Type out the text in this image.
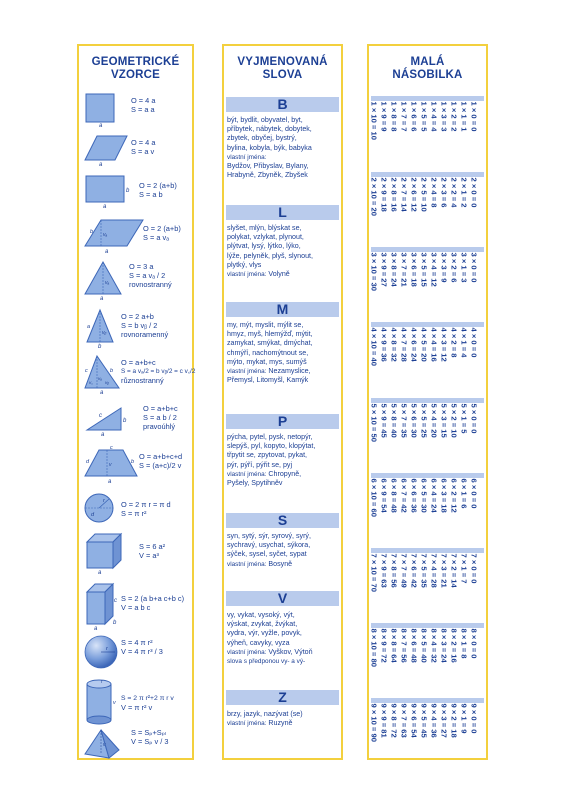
GEOMETRICKÉ
VZORCE
a
O = 4 a
S = a a
a
O = 4 a
S = a v
a
b
O = 2 (a+b)
S = a b
a
b vₐ
O = 2 (a+b)
S = a vₐ
a
vₐ
O = 3 a
S = a vₐ / 2
rovnostranný
a
b
vᵦ
O = 2 a+b
S = b vᵦ / 2
rovnoramenný
a
b
c
vₐ
vᵦ
v꜀
O = a+b+c
S = a vₐ/2 = b vᵦ/2 = c v꜀/2
různostranný
a
b
c
O = a+b+c
S = a b / 2
pravoúhlý
a
b
c
d	v
O = a+b+c+d
S = (a+c)/2 v
r
d
O = 2 π r = π d
S = π r²
a
S = 6 a²
V = a³
a
b
c S = 2 (a b+a c+b c)
V = a b c
r
S = 4 π r²
V = 4 π r³ / 3
r
v
S = 2 π r²+2 π r v
V = π r² v
v
S = Sₚ+Sₚₗ
V = Sₚ v / 3
VYJMENOVANÁ
SLOVA
B
být, bydlit, obyvatel, byt,
příbytek, nábytek, dobytek,
zbytek, obyčej, bystrý,
bylina, kobyla, býk, babyka
vlastní jména:
Bydžov, Přibyslav, Bylany,
Hrabyně, Zbyněk, Zbyšek
L
slyšet, mlýn, blýskat se,
polykat, vzlykat, plynout,
plýtvat, lysý, lýtko, lýko,
lýže, pelyněk, plyš, slynout,
plytký, vlys
vlastní jména: Volyně
M
my, mýt, myslit, mýlit se,
hmyz, myš, hlemýžď, mýtit,
zamykat, smýkat, dmýchat,
chmýří, nachomýtnout se,
mýto, mykat, mys, sumýš
vlastní jména: Nezamyslice,
Přemysl, Litomyšl, Kamýk
P
pýcha, pytel, pysk, netopýr,
slepýš, pyl, kopyto, klopýtat,
třpytit se, zpytovat, pykat,
pýr, pýří, pýřit se, pyj
vlastní jména: Chropyně,
Pyšely, Spytihněv
S
syn, sytý, sýr, syrový, syrý,
sychravý, usychat, sýkora,
sýček, sysel, syčet, sypat
vlastní jména: Bosyně
V
vy, vykat, vysoký, výt,
výskat, zvykat, žvýkat,
vydra, výr, vyžle, povyk,
výheň, cavyky, vyza
vlastní jména: Vyškov, Výtoň
slova s předponou vy- a vý-
Z
brzy, jazyk, nazývat (se)
vlastní jména: Ruzyně
MALÁ
NÁSOBILKA
1 × 0 = 0
1 × 1 = 1
1 × 2 = 2
1 × 3 = 3
1 × 4 = 4
1 × 5 = 5
1 × 6 = 6
1 × 7 = 7
1 × 8 = 8
1 × 9 = 9
1 × 10 = 10
2 × 0 = 0
2 × 1 = 2
2 × 2 = 4
2 × 3 = 6
2 × 4 = 8
2 × 5 = 10
2 × 6 = 12
2 × 7 = 14
2 × 8 = 16
2 × 9 = 18
2 × 10 = 20
3 × 0 = 0
3 × 1 = 3
3 × 2 = 6
3 × 3 = 9
3 × 4 = 12
3 × 5 = 15
3 × 6 = 18
3 × 7 = 21
3 × 8 = 24
3 × 9 = 27
3 × 10 = 30
4 × 0 = 0
4 × 1 = 4
4 × 2 = 8
4 × 3 = 12
4 × 4 = 16
4 × 5 = 20
4 × 6 = 24
4 × 7 = 28
4 × 8 = 32
4 × 9 = 36
4 × 10 = 40
5 × 0 = 0
5 × 1 = 5
5 × 2 = 10
5 × 3 = 15
5 × 4 = 20
5 × 5 = 25
5 × 6 = 30
5 × 7 = 35
5 × 8 = 40
5 × 9 = 45
5 × 10 = 50
6 × 0 = 0
6 × 1 = 6
6 × 2 = 12
6 × 3 = 18
6 × 4 = 24
6 × 5 = 30
6 × 6 = 36
6 × 7 = 42
6 × 8 = 48
6 × 9 = 54
6 × 10 = 60
7 × 0 = 0
7 × 1 = 7
7 × 2 = 14
7 × 3 = 21
7 × 4 = 28
7 × 5 = 35
7 × 6 = 42
7 × 7 = 49
7 × 8 = 56
7 × 9 = 63
7 × 10 = 70
8 × 0 = 0
8 × 1 = 8
8 × 2 = 16
8 × 3 = 24
8 × 4 = 32
8 × 5 = 40
8 × 6 = 48
8 × 7 = 56
8 × 8 = 64
8 × 9 = 72
8 × 10 = 80
9 × 0 = 0
9 × 1 = 9
9 × 2 = 18
9 × 3 = 27
9 × 4 = 36
9 × 5 = 45
9 × 6 = 54
9 × 7 = 63
9 × 8 = 72
9 × 9 = 81
9 × 10 = 90
